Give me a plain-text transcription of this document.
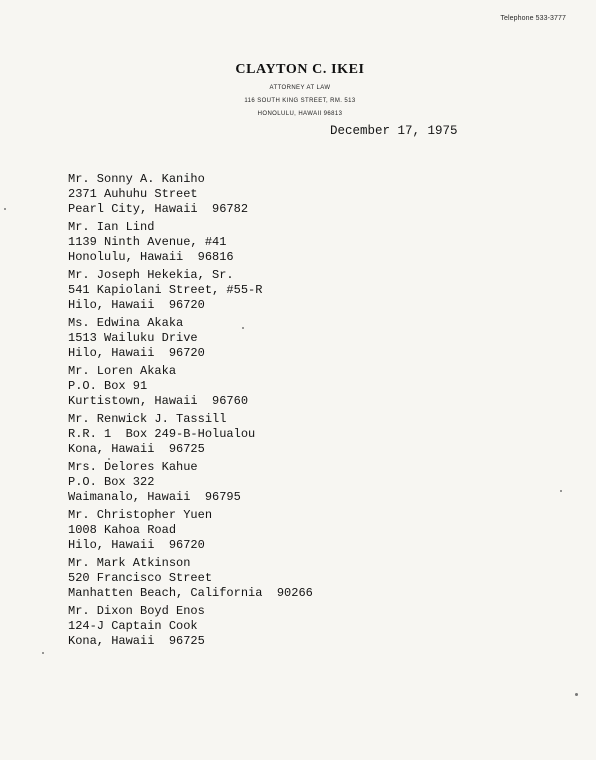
Telephone 533-3777
CLAYTON C. IKEI
ATTORNEY AT LAW
116 SOUTH KING STREET, RM. 513
HONOLULU, HAWAII 96813
December 17, 1975
Mr. Sonny A. Kaniho
2371 Auhuhu Street
Pearl City, Hawaii  96782
Mr. Ian Lind
1139 Ninth Avenue, #41
Honolulu, Hawaii  96816
Mr. Joseph Hekekia, Sr.
541 Kapiolani Street, #55-R
Hilo, Hawaii  96720
Ms. Edwina Akaka
1513 Wailuku Drive
Hilo, Hawaii  96720
Mr. Loren Akaka
P.O. Box 91
Kurtistown, Hawaii  96760
Mr. Renwick J. Tassill
R.R. 1  Box 249-B-Holualou
Kona, Hawaii  96725
Mrs. Delores Kahue
P.O. Box 322
Waimanalo, Hawaii  96795
Mr. Christopher Yuen
1008 Kahoa Road
Hilo, Hawaii  96720
Mr. Mark Atkinson
520 Francisco Street
Manhatten Beach, California  90266
Mr. Dixon Boyd Enos
124-J Captain Cook
Kona, Hawaii  96725
